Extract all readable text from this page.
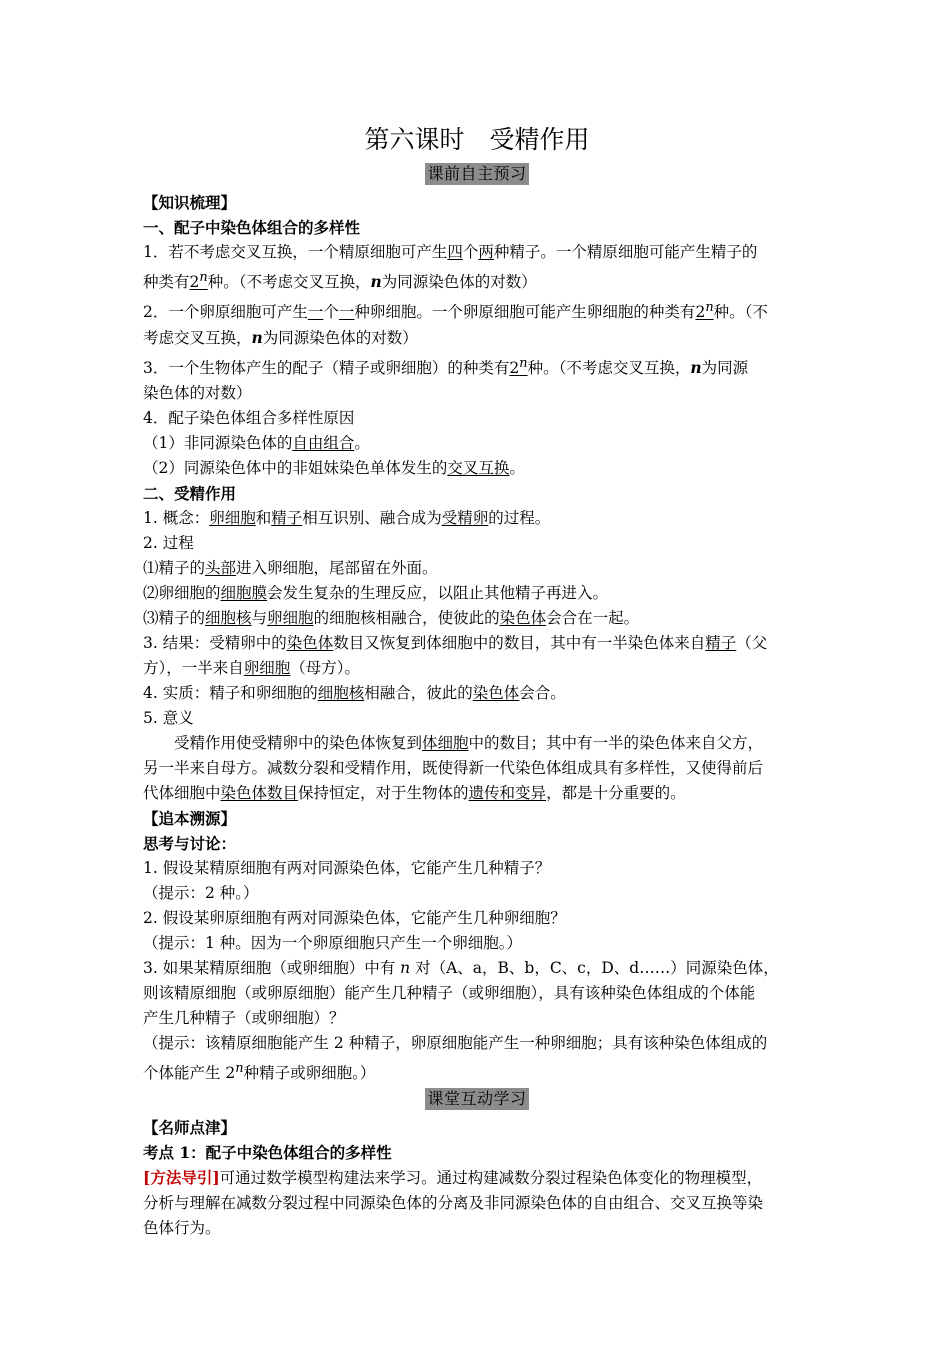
第六课时　受精作用
课前自主预习

【知识梳理】

一、配子中染色体组合的多样性

1．若不考虑交叉互换，一个精原细胞可产生四个两种精子。一个精原细胞可能产生精子的

种类有2$^n$种。（不考虑交叉互换，n为同源染色体的对数）

2．一个卵原细胞可产生一个一种卵细胞。一个卵原细胞可能产生卵细胞的种类有2$^n$种。（不

考虑交叉互换，n为同源染色体的对数）

3．一个生物体产生的配子（精子或卵细胞）的种类有2$^n$种。（不考虑交叉互换，n为同源

染色体的对数）

4．配子染色体组合多样性原因

（1）非同源染色体的自由组合。

（2）同源染色体中的非姐妹染色单体发生的交叉互换。

二、受精作用

1. 概念：卵细胞和精子相互识别、融合成为受精卵的过程。

2. 过程

⑴精子的头部进入卵细胞，尾部留在外面。

⑵卵细胞的细胞膜会发生复杂的生理反应，以阻止其他精子再进入。

⑶精子的细胞核与卵细胞的细胞核相融合，使彼此的染色体会合在一起。

3. 结果：受精卵中的染色体数目又恢复到体细胞中的数目，其中有一半染色体来自精子（父

方），一半来自卵细胞（母方）。

4. 实质：精子和卵细胞的细胞核相融合，彼此的染色体会合。

5. 意义

受精作用使受精卵中的染色体恢复到体细胞中的数目；其中有一半的染色体来自父方，

另一半来自母方。减数分裂和受精作用，既使得新一代染色体组成具有多样性，又使得前后

代体细胞中染色体数目保持恒定，对于生物体的遗传和变异，都是十分重要的。

【追本溯源】

思考与讨论：

1. 假设某精原细胞有两对同源染色体，它能产生几种精子？

（提示：2 种。）

2. 假设某卵原细胞有两对同源染色体，它能产生几种卵细胞？

（提示：1 种。因为一个卵原细胞只产生一个卵细胞。）

3. 如果某精原细胞（或卵细胞）中有 n 对（A、a，B、b，C、c，D、d……）同源染色体，

则该精原细胞（或卵原细胞）能产生几种精子（或卵细胞），具有该种染色体组成的个体能

产生几种精子（或卵细胞）？

（提示：该精原细胞能产生 2 种精子，卵原细胞能产生一种卵细胞；具有该种染色体组成的

个体能产生 2$^n$种精子或卵细胞。）

课堂互动学习

【名师点津】

考点 1：配子中染色体组合的多样性

[方法导引]可通过数学模型构建法来学习。通过构建减数分裂过程染色体变化的物理模型，

分析与理解在减数分裂过程中同源染色体的分离及非同源染色体的自由组合、交叉互换等染

色体行为。
